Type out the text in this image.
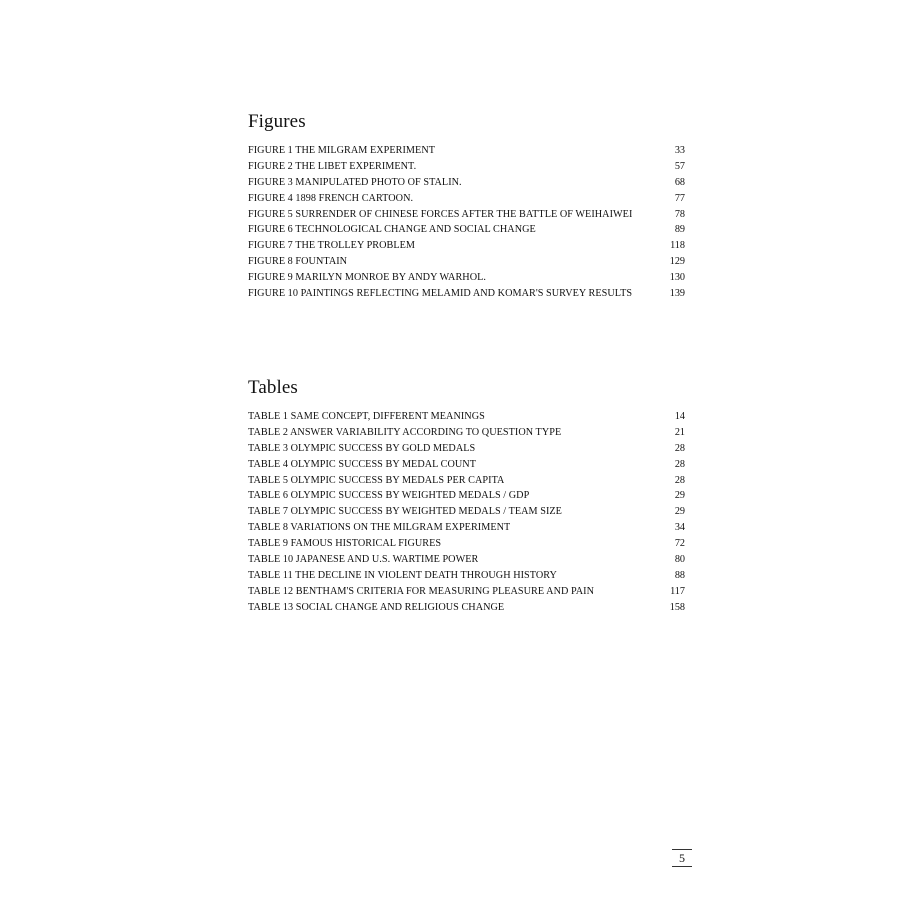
Figures
FIGURE 1 THE MILGRAM EXPERIMENT	33
FIGURE 2 THE LIBET EXPERIMENT.	57
FIGURE 3 MANIPULATED PHOTO OF STALIN.	68
FIGURE 4 1898 FRENCH CARTOON.	77
FIGURE 5 SURRENDER OF CHINESE FORCES AFTER THE BATTLE OF WEIHAIWEI	78
FIGURE 6 TECHNOLOGICAL CHANGE AND SOCIAL CHANGE	89
FIGURE 7 THE TROLLEY PROBLEM	118
FIGURE 8 FOUNTAIN	129
FIGURE 9 MARILYN MONROE BY ANDY WARHOL.	130
FIGURE 10 PAINTINGS REFLECTING MELAMID AND KOMAR'S SURVEY RESULTS	139
Tables
TABLE 1 SAME CONCEPT, DIFFERENT MEANINGS	14
TABLE 2 ANSWER VARIABILITY ACCORDING TO QUESTION TYPE	21
TABLE 3 OLYMPIC SUCCESS BY GOLD MEDALS	28
TABLE 4 OLYMPIC SUCCESS BY MEDAL COUNT	28
TABLE 5 OLYMPIC SUCCESS BY MEDALS PER CAPITA	28
TABLE 6 OLYMPIC SUCCESS BY WEIGHTED MEDALS / GDP	29
TABLE 7 OLYMPIC SUCCESS BY WEIGHTED MEDALS / TEAM SIZE	29
TABLE 8 VARIATIONS ON THE MILGRAM EXPERIMENT	34
TABLE 9 FAMOUS HISTORICAL FIGURES	72
TABLE 10 JAPANESE AND U.S. WARTIME POWER	80
TABLE 11 THE DECLINE IN VIOLENT DEATH THROUGH HISTORY	88
TABLE 12 BENTHAM'S CRITERIA FOR MEASURING PLEASURE AND PAIN	117
TABLE 13 SOCIAL CHANGE AND RELIGIOUS CHANGE	158
5
